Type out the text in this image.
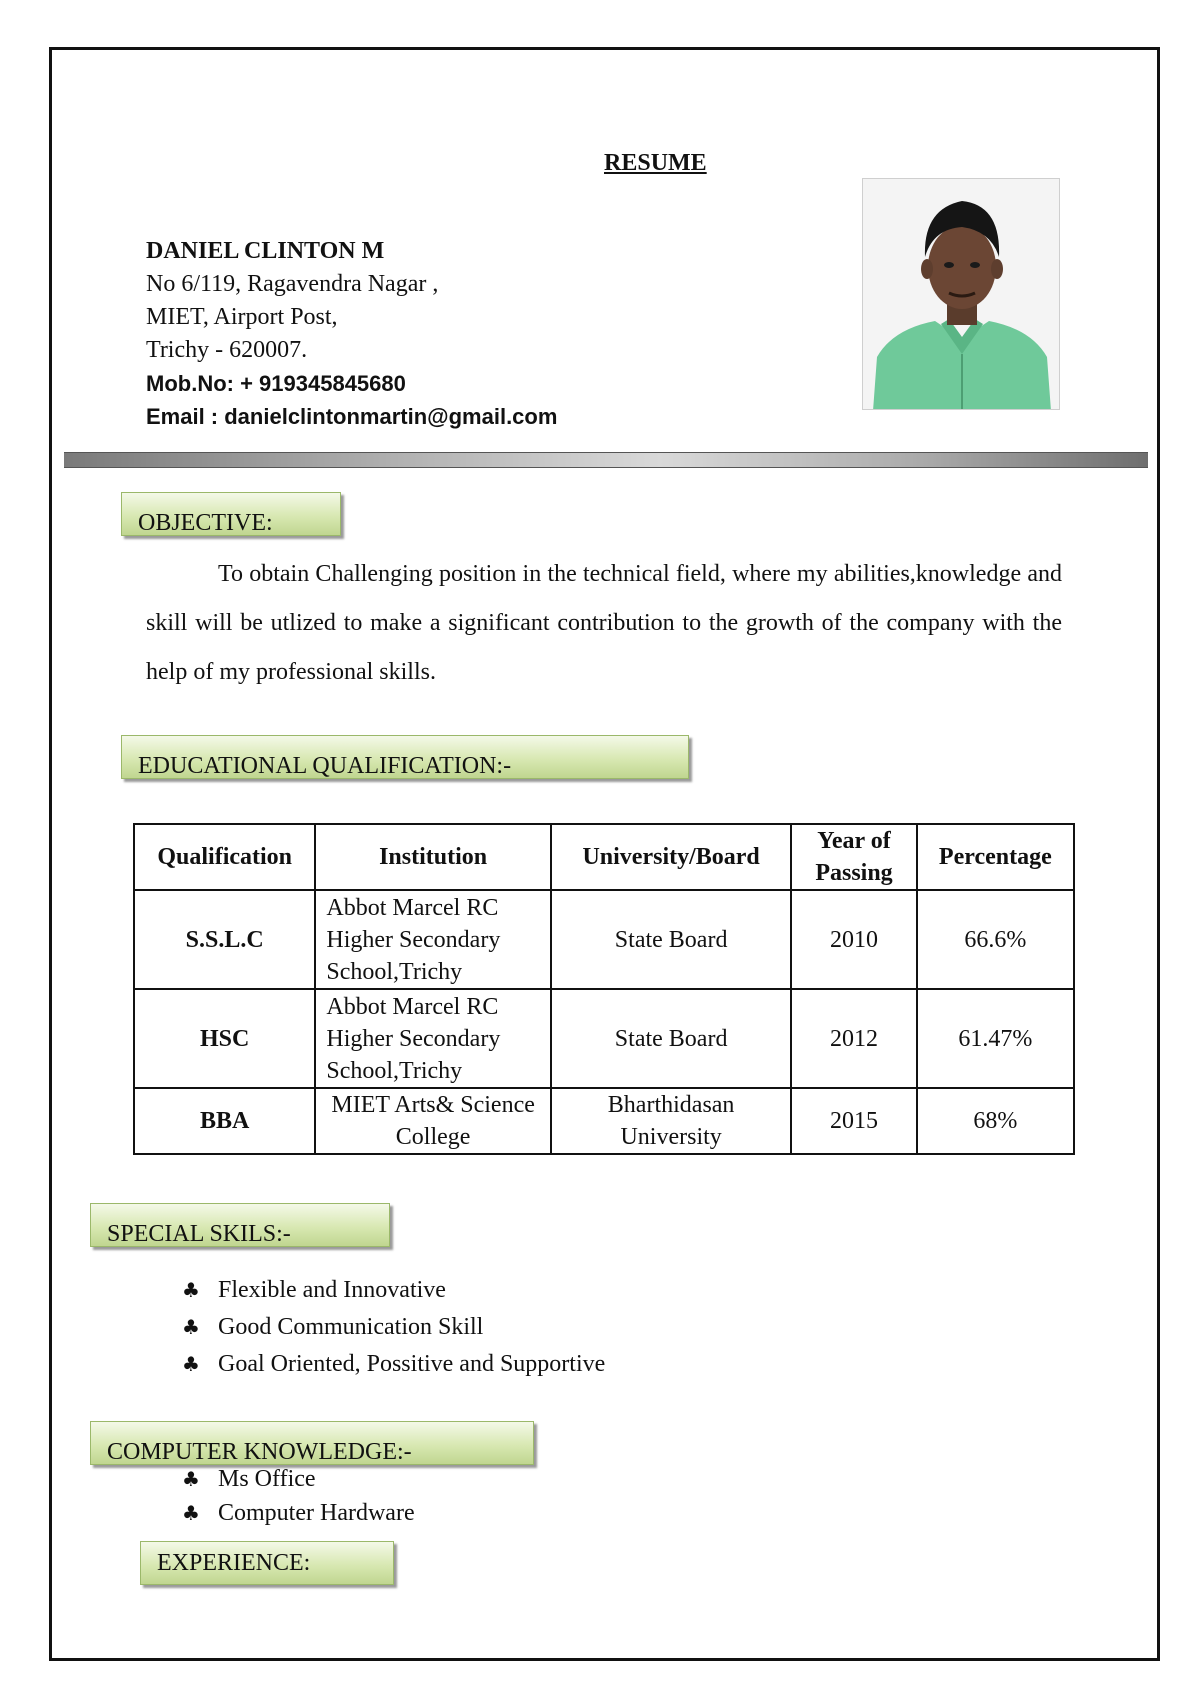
RESUME
DANIEL CLINTON M
No 6/119, Ragavendra Nagar ,
MIET, Airport Post,
Trichy - 620007.
Mob.No: + 919345845680
Email : danielclintonmartin@gmail.com
OBJECTIVE:
To obtain Challenging position in the technical field, where my abilities,knowledge and skill will be utlized to make a significant contribution to the growth of the company with the help of my professional skills.
EDUCATIONAL QUALIFICATION:-
Qualification	Institution	University/Board	Year of Passing	Percentage
S.S.L.C	Abbot Marcel RC Higher Secondary School,Trichy	State Board	2010	66.6%
HSC	Abbot Marcel RC Higher Secondary School,Trichy	State Board	2012	61.47%
BBA	MIET Arts& Science College	Bharthidasan University	2015	68%
SPECIAL SKILS:-
♣ Flexible and Innovative
♣ Good Communication Skill
♣ Goal Oriented, Possitive and Supportive
COMPUTER KNOWLEDGE:-
♣ Ms Office
♣ Computer Hardware
EXPERIENCE:
